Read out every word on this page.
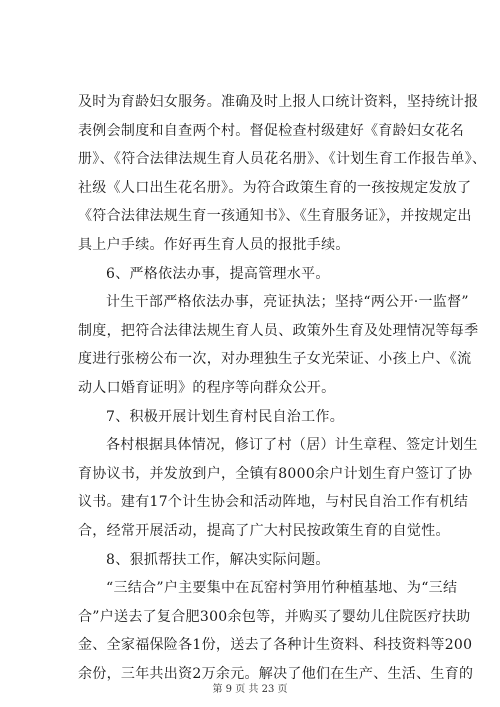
及时为育龄妇女服务。准确及时上报人口统计资料，坚持统计报
表例会制度和自查两个村。督促检查村级建好《育龄妇女花名
册》、《符合法律法规生育人员花名册》、《计划生育工作报告单》、
社级《人口出生花名册》。为符合政策生育的一孩按规定发放了
《符合法律法规生育一孩通知书》、《生育服务证》，并按规定出
具上户手续。作好再生育人员的报批手续。
6、严格依法办事，提高管理水平。
计生干部严格依法办事，亮证执法；坚持“两公开·一监督”
制度，把符合法律法规生育人员、政策外生育及处理情况等每季
度进行张榜公布一次，对办理独生子女光荣证、小孩上户、《流
动人口婚育证明》的程序等向群众公开。
7、积极开展计划生育村民自治工作。
各村根据具体情况，修订了村（居）计生章程、签定计划生
育协议书，并发放到户，全镇有8000余户计划生育户签订了协
议书。建有17个计生协会和活动阵地，与村民自治工作有机结
合，经常开展活动，提高了广大村民按政策生育的自觉性。
8、狠抓帮扶工作，解决实际问题。
“三结合”户主要集中在瓦窑村笋用竹种植基地、为“三结
合”户送去了复合肥300余包等，并购买了婴幼儿住院医疗扶助
金、全家福保险各1份，送去了各种计生资料、科技资料等200
余份，三年共出资2万余元。解决了他们在生产、生活、生育的
第 9 页 共 23 页
